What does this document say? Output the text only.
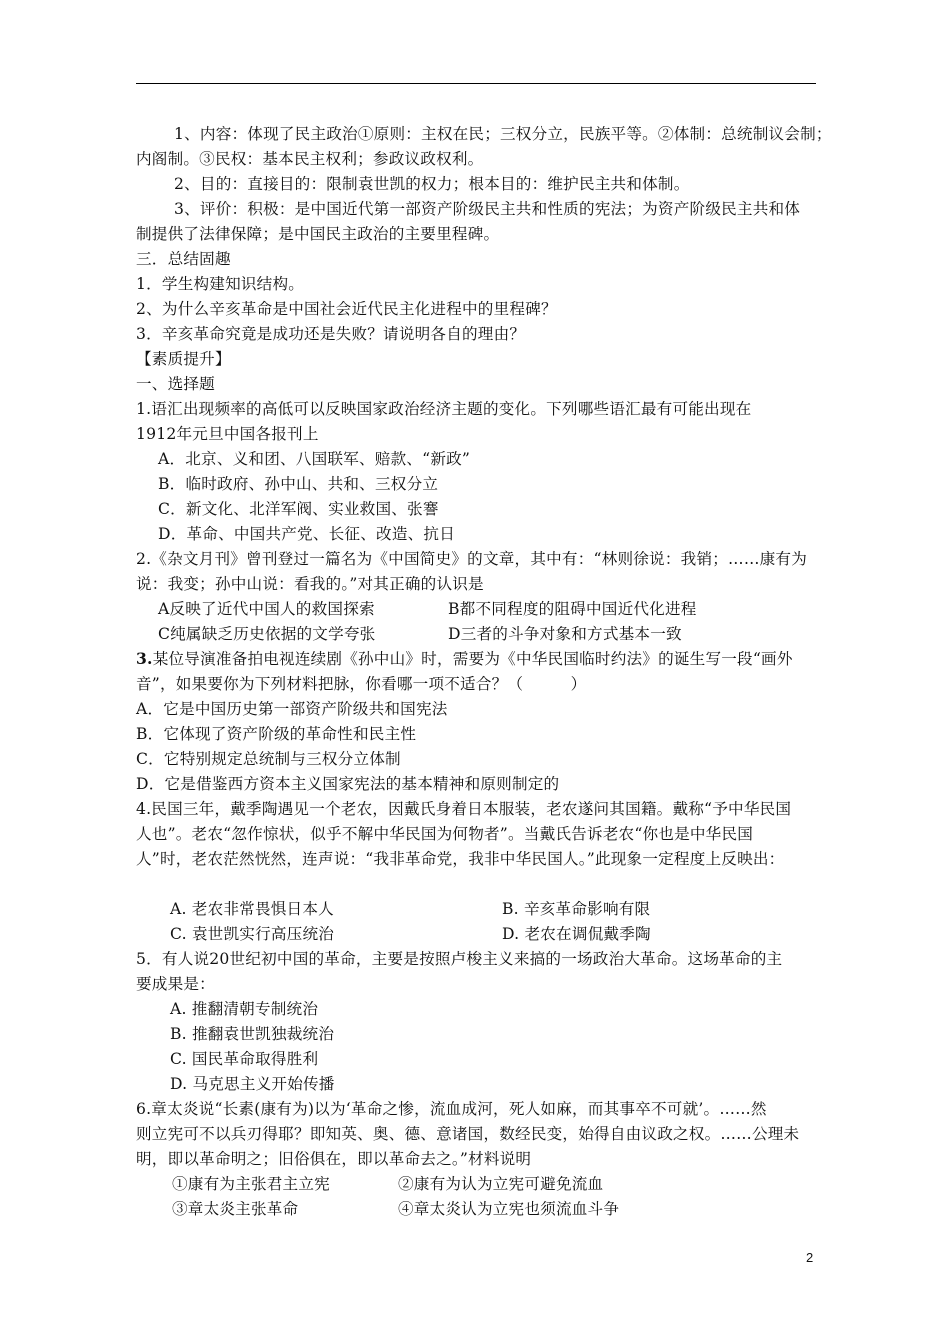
1、内容：体现了民主政治①原则：主权在民；三权分立，民族平等。②体制：总统制议会制；
内阁制。③民权：基本民主权利；参政议政权利。
2、目的：直接目的：限制袁世凯的权力；根本目的：维护民主共和体制。
3、评价：积极：是中国近代第一部资产阶级民主共和性质的宪法；为资产阶级民主共和体
制提供了法律保障；是中国民主政治的主要里程碑。
三．总结固趣
1．学生构建知识结构。
2、为什么辛亥革命是中国社会近代民主化进程中的里程碑？
3．辛亥革命究竟是成功还是失败？请说明各自的理由？
【素质提升】
一、选择题
1.语汇出现频率的高低可以反映国家政治经济主题的变化。下列哪些语汇最有可能出现在
1912年元旦中国各报刊上
A．北京、义和团、八国联军、赔款、“新政”
B．临时政府、孙中山、共和、三权分立
C．新文化、北洋军阀、实业救国、张謇
D．革命、中国共产党、长征、改造、抗日
2.《杂文月刊》曾刊登过一篇名为《中国简史》的文章，其中有：“林则徐说：我销；……康有为
说：我变；孙中山说：看我的。”对其正确的认识是
A反映了近代中国人的救国探索	B都不同程度的阻碍中国近代化进程
C纯属缺乏历史依据的文学夸张	D三者的斗争对象和方式基本一致
3.某位导演准备拍电视连续剧《孙中山》时，需要为《中华民国临时约法》的诞生写一段“画外
音”，如果要你为下列材料把脉，你看哪一项不适合？（　　　）
A．它是中国历史第一部资产阶级共和国宪法
B．它体现了资产阶级的革命性和民主性
C．它特别规定总统制与三权分立体制
D．它是借鉴西方资本主义国家宪法的基本精神和原则制定的
4.民国三年，戴季陶遇见一个老农，因戴氏身着日本服装，老农遂问其国籍。戴称“予中华民国
人也”。老农“忽作惊状，似乎不解中华民国为何物者”。当戴氏告诉老农“你也是中华民国
人”时，老农茫然恍然，连声说：“我非革命党，我非中华民国人。”此现象一定程度上反映出：
A. 老农非常畏惧日本人	B. 辛亥革命影响有限
C. 袁世凯实行高压统治	D. 老农在调侃戴季陶
5．有人说20世纪初中国的革命，主要是按照卢梭主义来搞的一场政治大革命。这场革命的主
要成果是：
A. 推翻清朝专制统治
B. 推翻袁世凯独裁统治
C. 国民革命取得胜利
D. 马克思主义开始传播
6.章太炎说“长素(康有为)以为‘革命之惨，流血成河，死人如麻，而其事卒不可就’。……然
则立宪可不以兵刃得耶？即知英、奥、德、意诸国，数经民变，始得自由议政之权。……公理未
明，即以革命明之；旧俗俱在，即以革命去之。”材料说明
①康有为主张君主立宪	②康有为认为立宪可避免流血
③章太炎主张革命	④章太炎认为立宪也须流血斗争
2
